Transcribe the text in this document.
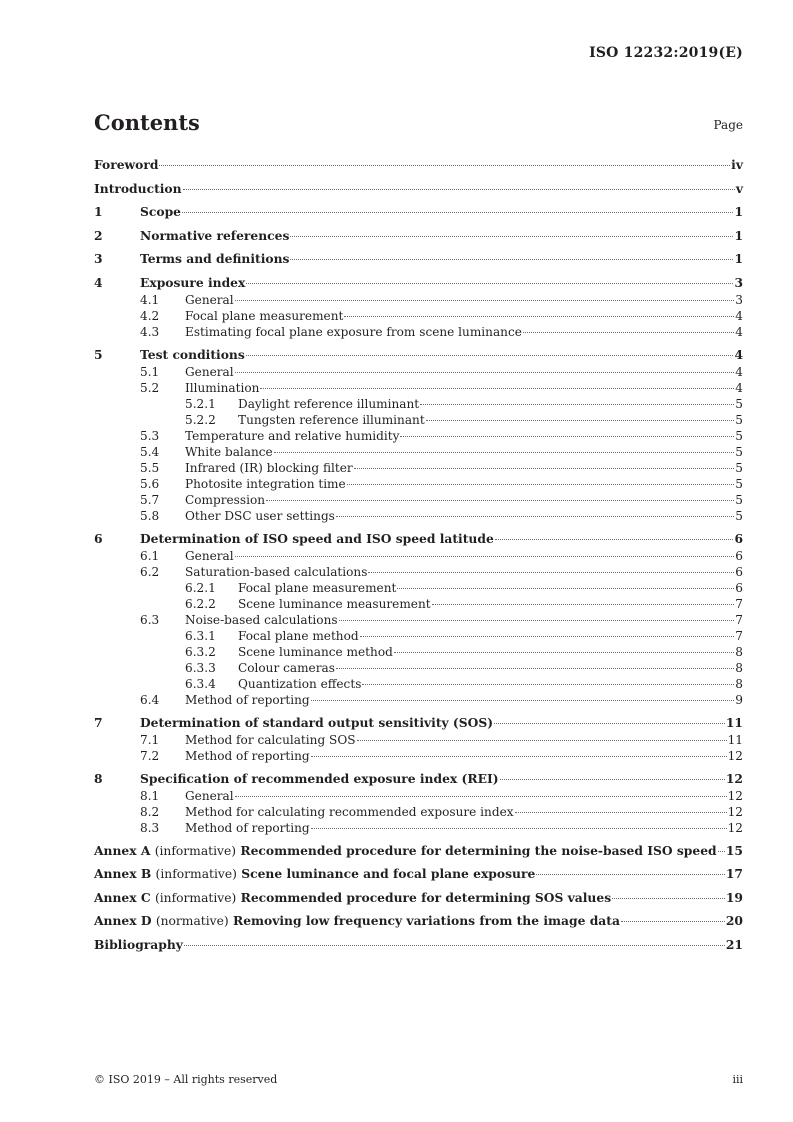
ISO 12232:2019(E)
Contents	Page
Foreword	iv
Introduction	v
1	Scope	1
2	Normative references	1
3	Terms and definitions	1
4	Exposure index	3
4.1	General	3
4.2	Focal plane measurement	4
4.3	Estimating focal plane exposure from scene luminance	4
5	Test conditions	4
5.1	General	4
5.2	Illumination	4
5.2.1	Daylight reference illuminant	5
5.2.2	Tungsten reference illuminant	5
5.3	Temperature and relative humidity	5
5.4	White balance	5
5.5	Infrared (IR) blocking filter	5
5.6	Photosite integration time	5
5.7	Compression	5
5.8	Other DSC user settings	5
6	Determination of ISO speed and ISO speed latitude	6
6.1	General	6
6.2	Saturation-based calculations	6
6.2.1	Focal plane measurement	6
6.2.2	Scene luminance measurement	7
6.3	Noise-based calculations	7
6.3.1	Focal plane method	7
6.3.2	Scene luminance method	8
6.3.3	Colour cameras	8
6.3.4	Quantization effects	8
6.4	Method of reporting	9
7	Determination of standard output sensitivity (SOS)	11
7.1	Method for calculating SOS	11
7.2	Method of reporting	12
8	Specification of recommended exposure index (REI)	12
8.1	General	12
8.2	Method for calculating recommended exposure index	12
8.3	Method of reporting	12
Annex A (informative) Recommended procedure for determining the noise-based ISO speed 15
Annex B (informative) Scene luminance and focal plane exposure	17
Annex C (informative) Recommended procedure for determining SOS values	19
Annex D (normative) Removing low frequency variations from the image data	20
Bibliography	21
© ISO 2019 – All rights reserved	iii
